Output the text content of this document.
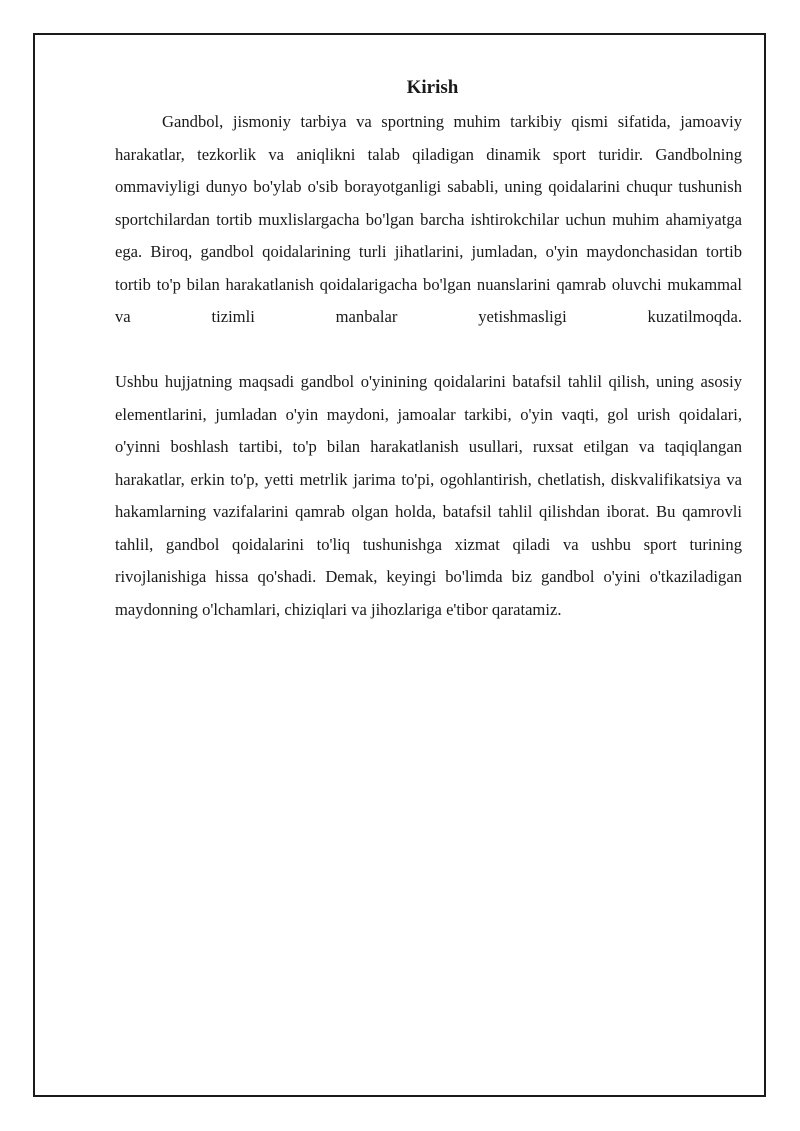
Kirish

Gandbol, jismoniy tarbiya va sportning muhim tarkibiy qismi sifatida, jamoaviy harakatlar, tezkorlik va aniqlikni talab qiladigan dinamik sport turidir. Gandbolning ommaviyligi dunyo bo'ylab o'sib borayotganligi sababli, uning qoidalarini chuqur tushunish sportchilardan tortib muxlislargacha bo'lgan barcha ishtirokchilar uchun muhim ahamiyatga ega. Biroq, gandbol qoidalarining turli jihatlarini, jumladan, o'yin maydonchasidan tortib tortib to'p bilan harakatlanish qoidalarigacha bo'lgan nuanslarini qamrab oluvchi mukammal va tizimli manbalar yetishmasligi kuzatilmoqda.

Ushbu hujjatning maqsadi gandbol o'yinining qoidalarini batafsil tahlil qilish, uning asosiy elementlarini, jumladan o'yin maydoni, jamoalar tarkibi, o'yin vaqti, gol urish qoidalari, o'yinni boshlash tartibi, to'p bilan harakatlanish usullari, ruxsat etilgan va taqiqlangan harakatlar, erkin to'p, yetti metrlik jarima to'pi, ogohlantirish, chetlatish, diskvalifikatsiya va hakamlarning vazifalarini qamrab olgan holda, batafsil tahlil qilishdan iborat. Bu qamrovli tahlil, gandbol qoidalarini to'liq tushunishga xizmat qiladi va ushbu sport turining rivojlanishiga hissa qo'shadi. Demak, keyingi bo'limda biz gandbol o'yini o'tkaziladigan maydonning o'lchamlari, chiziqlari va jihozlariga e'tibor qaratamiz.
